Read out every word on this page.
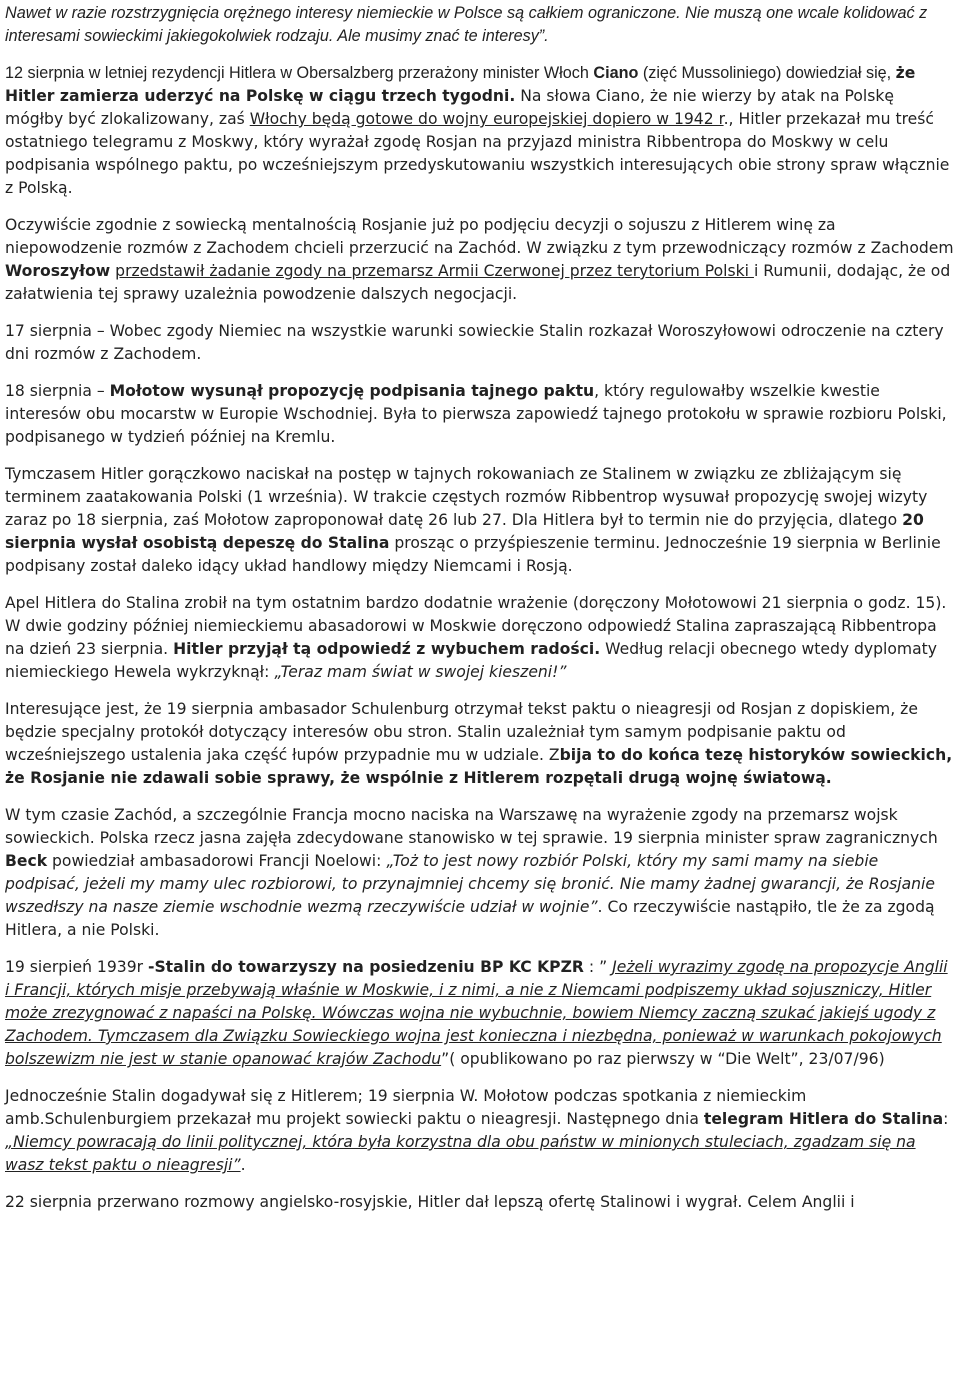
Nawet w razie rozstrzygnięcia orężnego interesy niemieckie w Polsce są całkiem ograniczone. Nie muszą one wcale kolidować z interesami sowieckimi jakiegokolwiek rodzaju. Ale musimy znać te interesy”.

12 sierpnia w letniej rezydencji Hitlera w Obersalzberg przerażony minister Włoch Ciano (zięć Mussoliniego) dowiedział się, że Hitler zamierza uderzyć na Polskę w ciągu trzech tygodni. Na słowa Ciano, że nie wierzy by atak na Polskę mógłby być zlokalizowany, zaś Włochy będą gotowe do wojny europejskiej dopiero w 1942 r., Hitler przekazał mu treść ostatniego telegramu z Moskwy, który wyrażał zgodę Rosjan na przyjazd ministra Ribbentropa do Moskwy w celu podpisania wspólnego paktu, po wcześniejszym przedyskutowaniu wszystkich interesujących obie strony spraw włącznie z Polską.

Oczywiście zgodnie z sowiecką mentalnością Rosjanie już po podjęciu decyzji o sojuszu z Hitlerem winę za niepowodzenie rozmów z Zachodem chcieli przerzucić na Zachód. W związku z tym przewodniczący rozmów z Zachodem Woroszyłow przedstawił żadanie zgody na przemarsz Armii Czerwonej przez terytorium Polski i Rumunii, dodając, że od załatwienia tej sprawy uzależnia powodzenie dalszych negocjacji.

17 sierpnia – Wobec zgody Niemiec na wszystkie warunki sowieckie Stalin rozkazał Woroszyłowowi odroczenie na cztery dni rozmów z Zachodem.

18 sierpnia – Mołotow wysunął propozycję podpisania tajnego paktu, który regulowałby wszelkie kwestie interesów obu mocarstw w Europie Wschodniej. Była to pierwsza zapowiedź tajnego protokołu w sprawie rozbioru Polski, podpisanego w tydzień później na Kremlu.

Tymczasem Hitler gorączkowo naciskał na postęp w tajnych rokowaniach ze Stalinem w związku ze zbliżającym się terminem zaatakowania Polski (1 września). W trakcie częstych rozmów Ribbentrop wysuwał propozycję swojej wizyty zaraz po 18 sierpnia, zaś Mołotow zaproponował datę 26 lub 27. Dla Hitlera był to termin nie do przyjęcia, dlatego 20 sierpnia wysłał osobistą depeszę do Stalina prosząc o przyśpieszenie terminu. Jednocześnie 19 sierpnia w Berlinie podpisany został daleko idący układ handlowy między Niemcami i Rosją.

Apel Hitlera do Stalina zrobił na tym ostatnim bardzo dodatnie wrażenie (doręczony Mołotowowi 21 sierpnia o godz. 15). W dwie godziny później niemieckiemu abasadorowi w Moskwie doręczono odpowiedź Stalina zapraszającą Ribbentropa na dzień 23 sierpnia. Hitler przyjął tą odpowiedź z wybuchem radości. Według relacji obecnego wtedy dyplomaty niemieckiego Hewela wykrzyknął: „Teraz mam świat w swojej kieszeni!”

Interesujące jest, że 19 sierpnia ambasador Schulenburg otrzymał tekst paktu o nieagresji od Rosjan z dopiskiem, że będzie specjalny protokół dotyczący interesów obu stron. Stalin uzależniał tym samym podpisanie paktu od wcześniejszego ustalenia jaka część łupów przypadnie mu w udziale. Zbija to do końca tezę historyków sowieckich, że Rosjanie nie zdawali sobie sprawy, że wspólnie z Hitlerem rozpętali drugą wojnę światową.

W tym czasie Zachód, a szczególnie Francja mocno naciska na Warszawę na wyrażenie zgody na przemarsz wojsk sowieckich. Polska rzecz jasna zajęła zdecydowane stanowisko w tej sprawie. 19 sierpnia minister spraw zagranicznych Beck powiedział ambasadorowi Francji Noelowi: „Toż to jest nowy rozbiór Polski, który my sami mamy na siebie podpisać, jeżeli my mamy ulec rozbiorowi, to przynajmniej chcemy się bronić. Nie mamy żadnej gwarancji, że Rosjanie wszedłszy na nasze ziemie wschodnie wezmą rzeczywiście udział w wojnie”. Co rzeczywiście nastąpiło, tle że za zgodą Hitlera, a nie Polski.

19 sierpień 1939r -Stalin do towarzyszy na posiedzeniu BP KC KPZR : ” Jeżeli wyrazimy zgodę na propozycje Anglii i Francji, których misje przebywają właśnie w Moskwie, i z nimi, a nie z Niemcami podpiszemy układ sojuszniczy, Hitler może zrezygnować z napaści na Polskę. Wówczas wojna nie wybuchnie, bowiem Niemcy zaczną szukać jakiejś ugody z Zachodem. Tymczasem dla Związku Sowieckiego wojna jest konieczna i niezbędna, ponieważ w warunkach pokojowych bolszewizm nie jest w stanie opanować krajów Zachodu”( opublikowano po raz pierwszy w “Die Welt”, 23/07/96)

Jednocześnie Stalin dogadywał się z Hitlerem; 19 sierpnia W. Mołotow podczas spotkania z niemieckim amb.Schulenburgiem przekazał mu projekt sowiecki paktu o nieagresji. Następnego dnia telegram Hitlera do Stalina: „Niemcy powracają do linii politycznej, która była korzystna dla obu państw w minionych stuleciach, zgadzam się na wasz tekst paktu o nieagresji”.

22 sierpnia przerwano rozmowy angielsko-rosyjskie, Hitler dał lepszą ofertę Stalinowi i wygrał. Celem Anglii i
